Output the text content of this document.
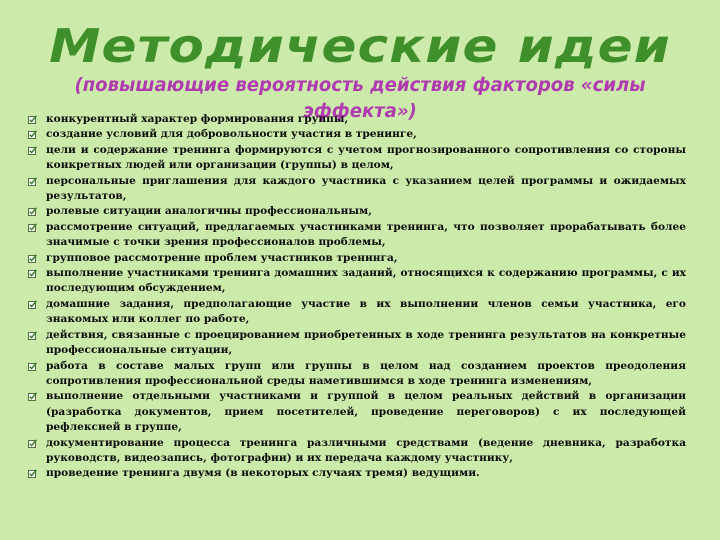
Методические идеи
(повышающие вероятность действия факторов «силы эффекта»)
конкурентный характер формирования группы,
создание условий для добровольности участия в тренинге,
цели и содержание тренинга формируются с учетом прогнозированного сопротивления со стороны конкретных людей или организации (группы) в целом,
персональные приглашения для каждого участника с указанием целей программы и ожидаемых результатов,
ролевые ситуации аналогичны профессиональным,
рассмотрение ситуаций, предлагаемых участниками тренинга, что позволяет прорабатывать более значимые с точки зрения профессионалов проблемы,
групповое рассмотрение проблем участников тренинга,
выполнение участниками тренинга домашних заданий, относящихся к содержанию программы, с их последующим обсуждением,
домашние задания, предполагающие участие в их выполнении членов семьи участника, его знакомых или коллег по работе,
действия, связанные с проецированием приобретенных в ходе тренинга результатов на конкретные профессиональные ситуации,
работа в составе малых групп или группы в целом над созданием проектов преодоления сопротивления профессиональной среды наметившимся в ходе тренинга изменениям,
выполнение отдельными участниками и группой в целом реальных действий в организации (разработка документов, прием посетителей, проведение переговоров) с их последующей рефлексией в группе,
документирование процесса тренинга различными средствами (ведение дневника, разработка руководств, видеозапись, фотографии) и их передача каждому участнику,
проведение тренинга двумя (в некоторых случаях тремя) ведущими.
